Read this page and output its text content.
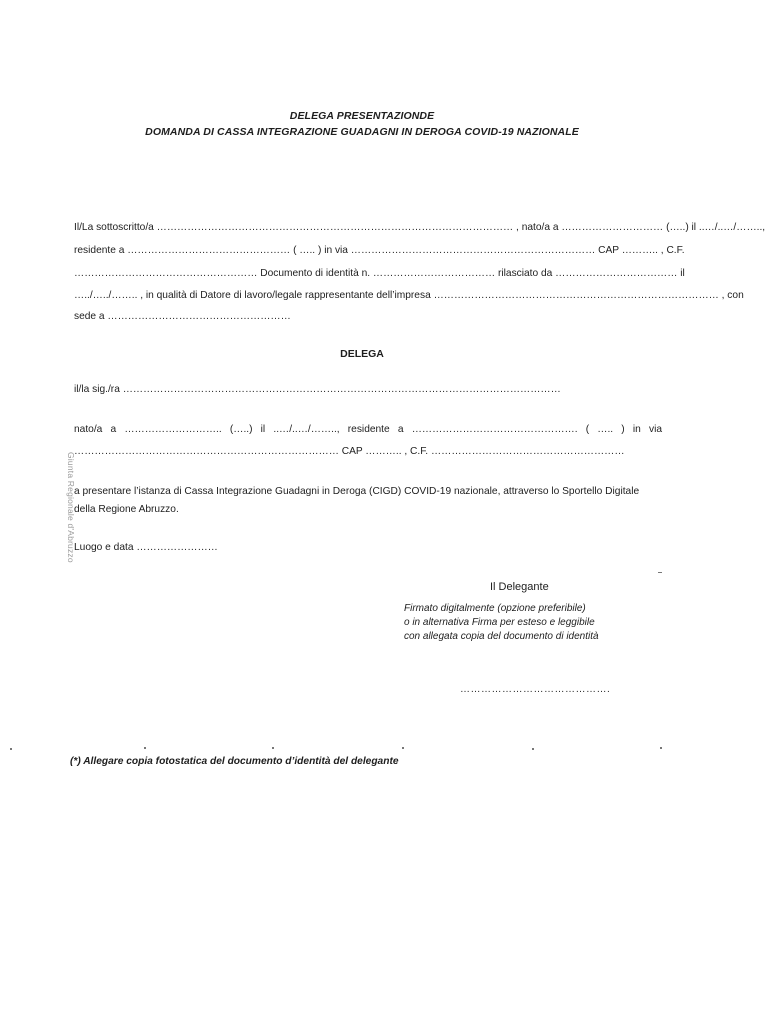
DELEGA PRESENTAZIONDE
DOMANDA DI CASSA INTEGRAZIONE GUADAGNI IN DEROGA COVID-19 NAZIONALE
Il/La sottoscritto/a …………………………………………………………………………………………… , nato/a a ………………………… (…..) il ..…/..…/……..,
residente a ………………………………………… ( ….. ) in via ……………………………………………………………… CAP ……….. , C.F.
……………………………………………… Documento di identità n. ……………………………… rilasciato da ……………………………… il
…../…../…….. , in qualità di Datore di lavoro/legale rappresentante dell’impresa ………………………………………………………………………… , con
sede a ………………………………………………
DELEGA
il/la sig./ra …………………………………………………………………………………………………………………
nato/a a ……………………….. (…..) il ..…/..…/…….., residente a …………………………………………. ( ….. ) in via
…………………………………………………………………… CAP ……….. , C.F. …………………………………………………
a presentare l’istanza di Cassa Integrazione Guadagni in Deroga (CIGD) COVID-19 nazionale, attraverso lo Sportello Digitale
della Regione Abruzzo.
Luogo e data ……………………
Giunta Regionale d'Abruzzo
Il Delegante
Firmato digitalmente (opzione preferibile)
o in alternativa Firma per esteso e leggibile
con allegata copia del documento di identità
…………………………………….
(*) Allegare copia fotostatica del documento d’identità del delegante
